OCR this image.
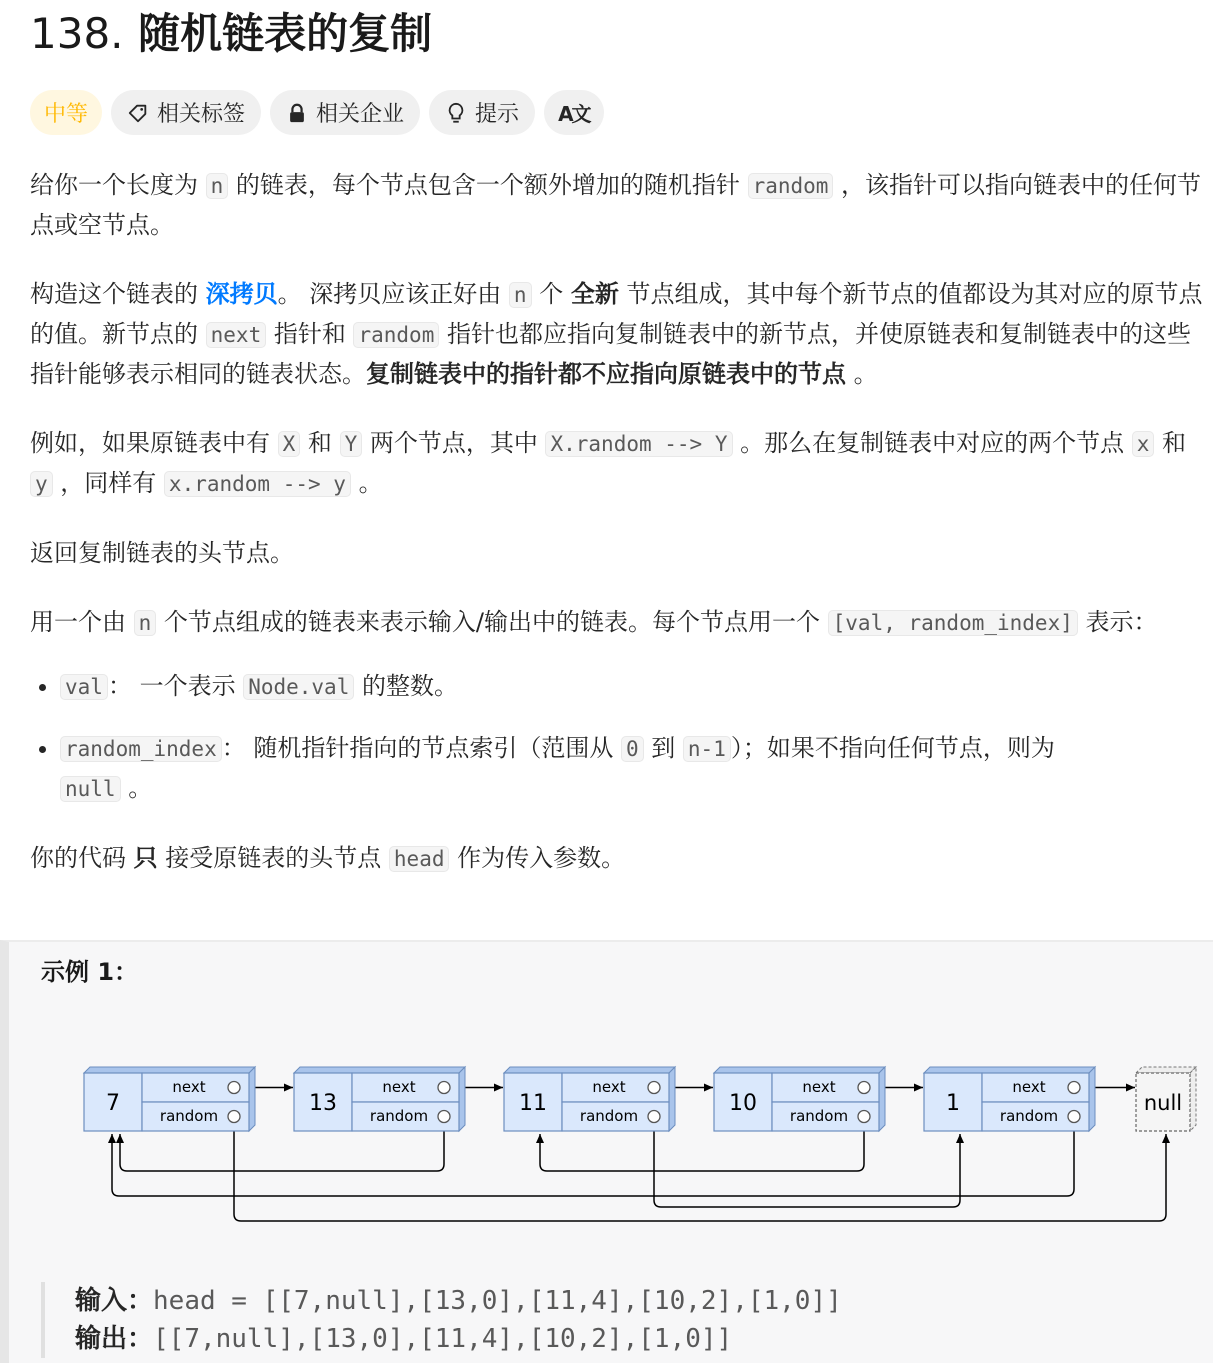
138. 随机链表的复制
中等	相关标签	相关企业	提示 A文

给你一个长度为 n 的链表，每个节点包含一个额外增加的随机指针 random ，该指针可以指向链表中的任何节点或空节点。

构造这个链表的 深拷贝。 深拷贝应该正好由 n 个 全新 节点组成，其中每个新节点的值都设为其对应的原节点的值。新节点的 next 指针和 random 指针也都应指向复制链表中的新节点，并使原链表和复制链表中的这些指针能够表示相同的链表状态。复制链表中的指针都不应指向原链表中的节点 。

例如，如果原链表中有 X 和 Y 两个节点，其中 X.random --> Y 。那么在复制链表中对应的两个节点 x 和 y ，同样有 x.random --> y 。

返回复制链表的头节点。

用一个由 n 个节点组成的链表来表示输入/输出中的链表。每个节点用一个 [val, random_index] 表示：

• val ： 一个表示 Node.val 的整数。
• random_index ： 随机指针指向的节点索引（范围从 0 到 n-1 ）；如果不指向任何节点，则为 null 。

你的代码 只 接受原链表的头节点 head 作为传入参数。

示例 1：
7
next
random	13
next
random	11
next
random	10
next
random	1
next
random
null
输入：head = [[7,null],[13,0],[11,4],[10,2],[1,0]]
输出：[[7,null],[13,0],[11,4],[10,2],[1,0]]
